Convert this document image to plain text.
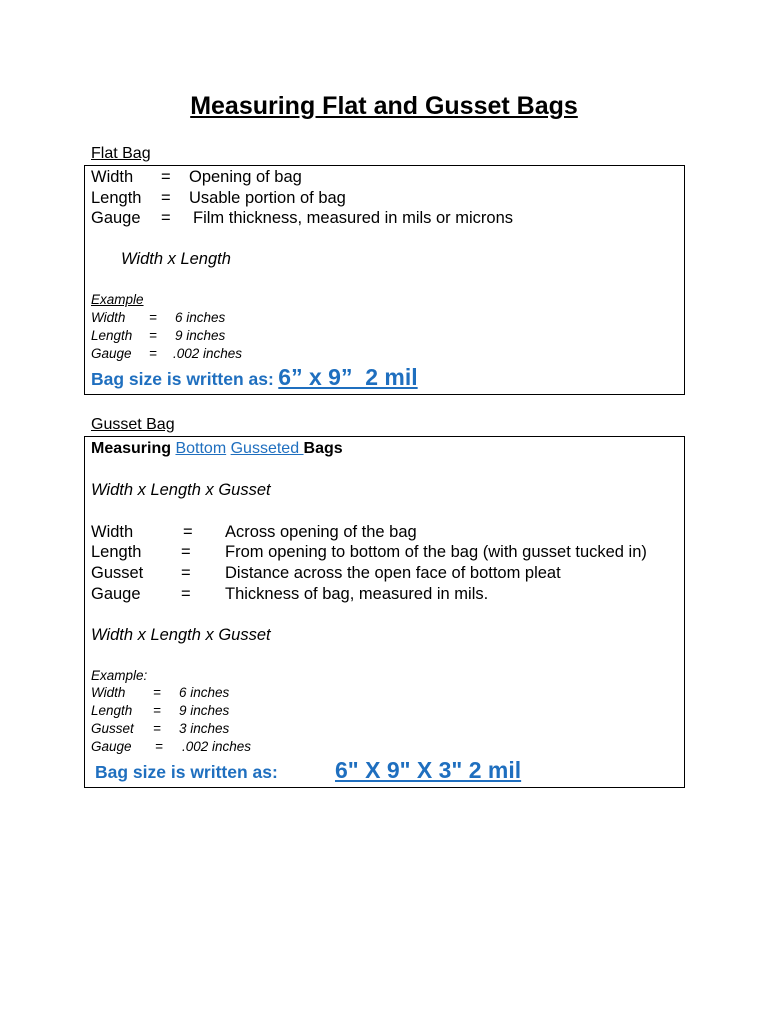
Measuring Flat and Gusset Bags
Flat Bag
Width = Opening of bag
Length = Usable portion of bag
Gauge = Film thickness, measured in mils or microns
Width x Length
Example
Width = 6 inches
Length = 9 inches
Gauge = .002 inches
Bag size is written as: 6” x 9”  2 mil
Gusset Bag
Measuring Bottom Gusseted Bags
Width x Length x Gusset
Width	= Across opening of the bag
Length = From opening to bottom of the bag (with gusset tucked in)
Gusset = Distance across the open face of bottom pleat
Gauge = Thickness of bag, measured in mils.
Width x Length x Gusset
Example:
Width = 6 inches
Length = 9 inches
Gusset = 3 inches
Gauge = .002 inches
Bag size is written as: 6" X 9" X 3" 2 mil
